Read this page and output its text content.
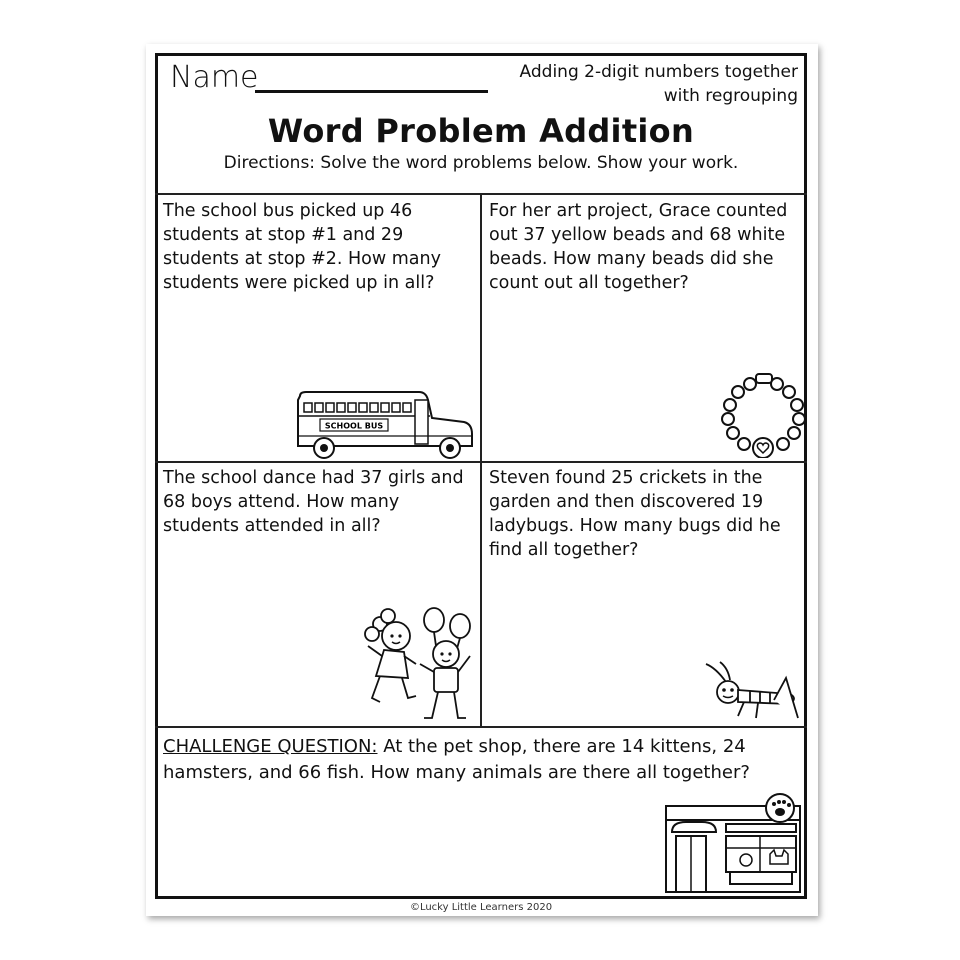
Name	Adding 2-digit numbers together
with regrouping
Word Problem Addition
Directions: Solve the word problems below. Show your work.

The school bus picked up 46 students at stop #1 and 29 students at stop #2. How many students were picked up in all?

For her art project, Grace counted out 37 yellow beads and 68 white beads. How many beads did she count out all together?

The school dance had 37 girls and 68 boys attend. How many students attended in all?

Steven found 25 crickets in the garden and then discovered 19 ladybugs. How many bugs did he find all together?

CHALLENGE QUESTION: At the pet shop, there are 14 kittens, 24 hamsters, and 66 fish. How many animals are there all together?

SCHOOL BUS
©Lucky Little Learners 2020
